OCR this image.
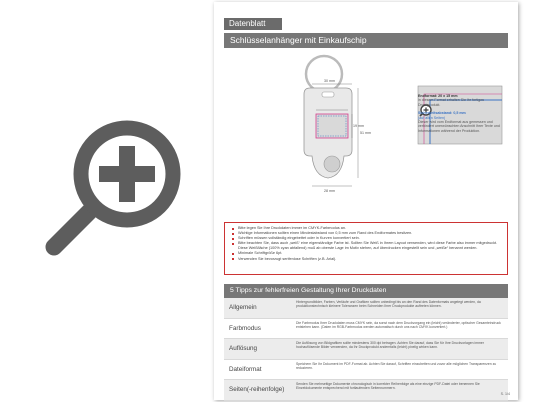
Datenblatt
Schlüsselanhänger mit Einkaufschip
30 mm
19 mm
51 mm
28 mm
Endformat: 20 x 15 mm
in diesem Format erhalten Sie Ihr fertiges Druckprodukt.
Sicherheitsabstand: 0,5 mm
(auf allen Seiten)
Dieser wird vom Endformat aus gemessen und verhindert unerwünschten Anschnitt Ihrer Texte und Informationen während der Produktion.
Bitte legen Sie Ihre Druckdaten immer im CMYK-Farbmodus an.
Wichtige Informationen sollten einen Mindestabstand von 0,5 mm zum Rand des Endformates besitzen.
Schriften müssen vollständig eingebettet oder in Kurven konvertiert sein.
Bitte beachten Sie, dass auch „weiß“ eine eigenständige Farbe ist. Sollten Sie Weiß in Ihrem Layout verwenden, wird diese Farbe also immer mitgedruckt. Diese Weißfläche (100% cyan abfallend) muß ab oberste Lage im Motiv stehen, auf überdrucken eingestellt sein und „weiße“ benannt werden.
Minimale Schriftgröße 6pt.
Verwenden Sie bevorzugt serifenlose Schriften (z.B. Arial).
5 Tipps zur fehlerfreien Gestaltung Ihrer Druckdaten
Allgemein
Hintergrundbilder, Farben, Verläufe und Grafiken sollten unbedingt bis an den Rand des Datenformats angelegt werden, da produktionstechnisch kleinere Toleranzen beim Schneiden Ihrer Druckprodukte auftreten können.
Farbmodus
Die Farbmodus Ihrer Druckdaten muss CMYK sein, da sonst nach dem Druckvorgang ein (leicht) veränderter, optischer Gesamteindruck entstehen kann. (Daten im RGB-Farbmodus werden automatisch durch uns nach CMYK konvertiert.)
Auflösung
Die Auflösung von Bildgrafiken sollte mindestens 300 dpi betragen. Achten Sie darauf, dass Sie für Ihre Druckvorlagen immer hochauflösende Bilder verwenden, da Ihr Druckprodukt andernfalls (leicht) pixelig wirken kann.
Dateiformat
Speichern Sie Ihr Dokument im PDF-Format ab. Achten Sie darauf, Schriften einzubetten und zuvor alle möglichen Transparenzen zu reduzieren.
Seiten(-reihenfolge)
Senden Sie mehrseitige Dokumente chronologisch in korrekter Reihenfolge als eine einzige PDF-Datei oder benennen Sie Einzeldokumente entsprechend mit fortlaufenden Seitennummern.
S. 1/4
